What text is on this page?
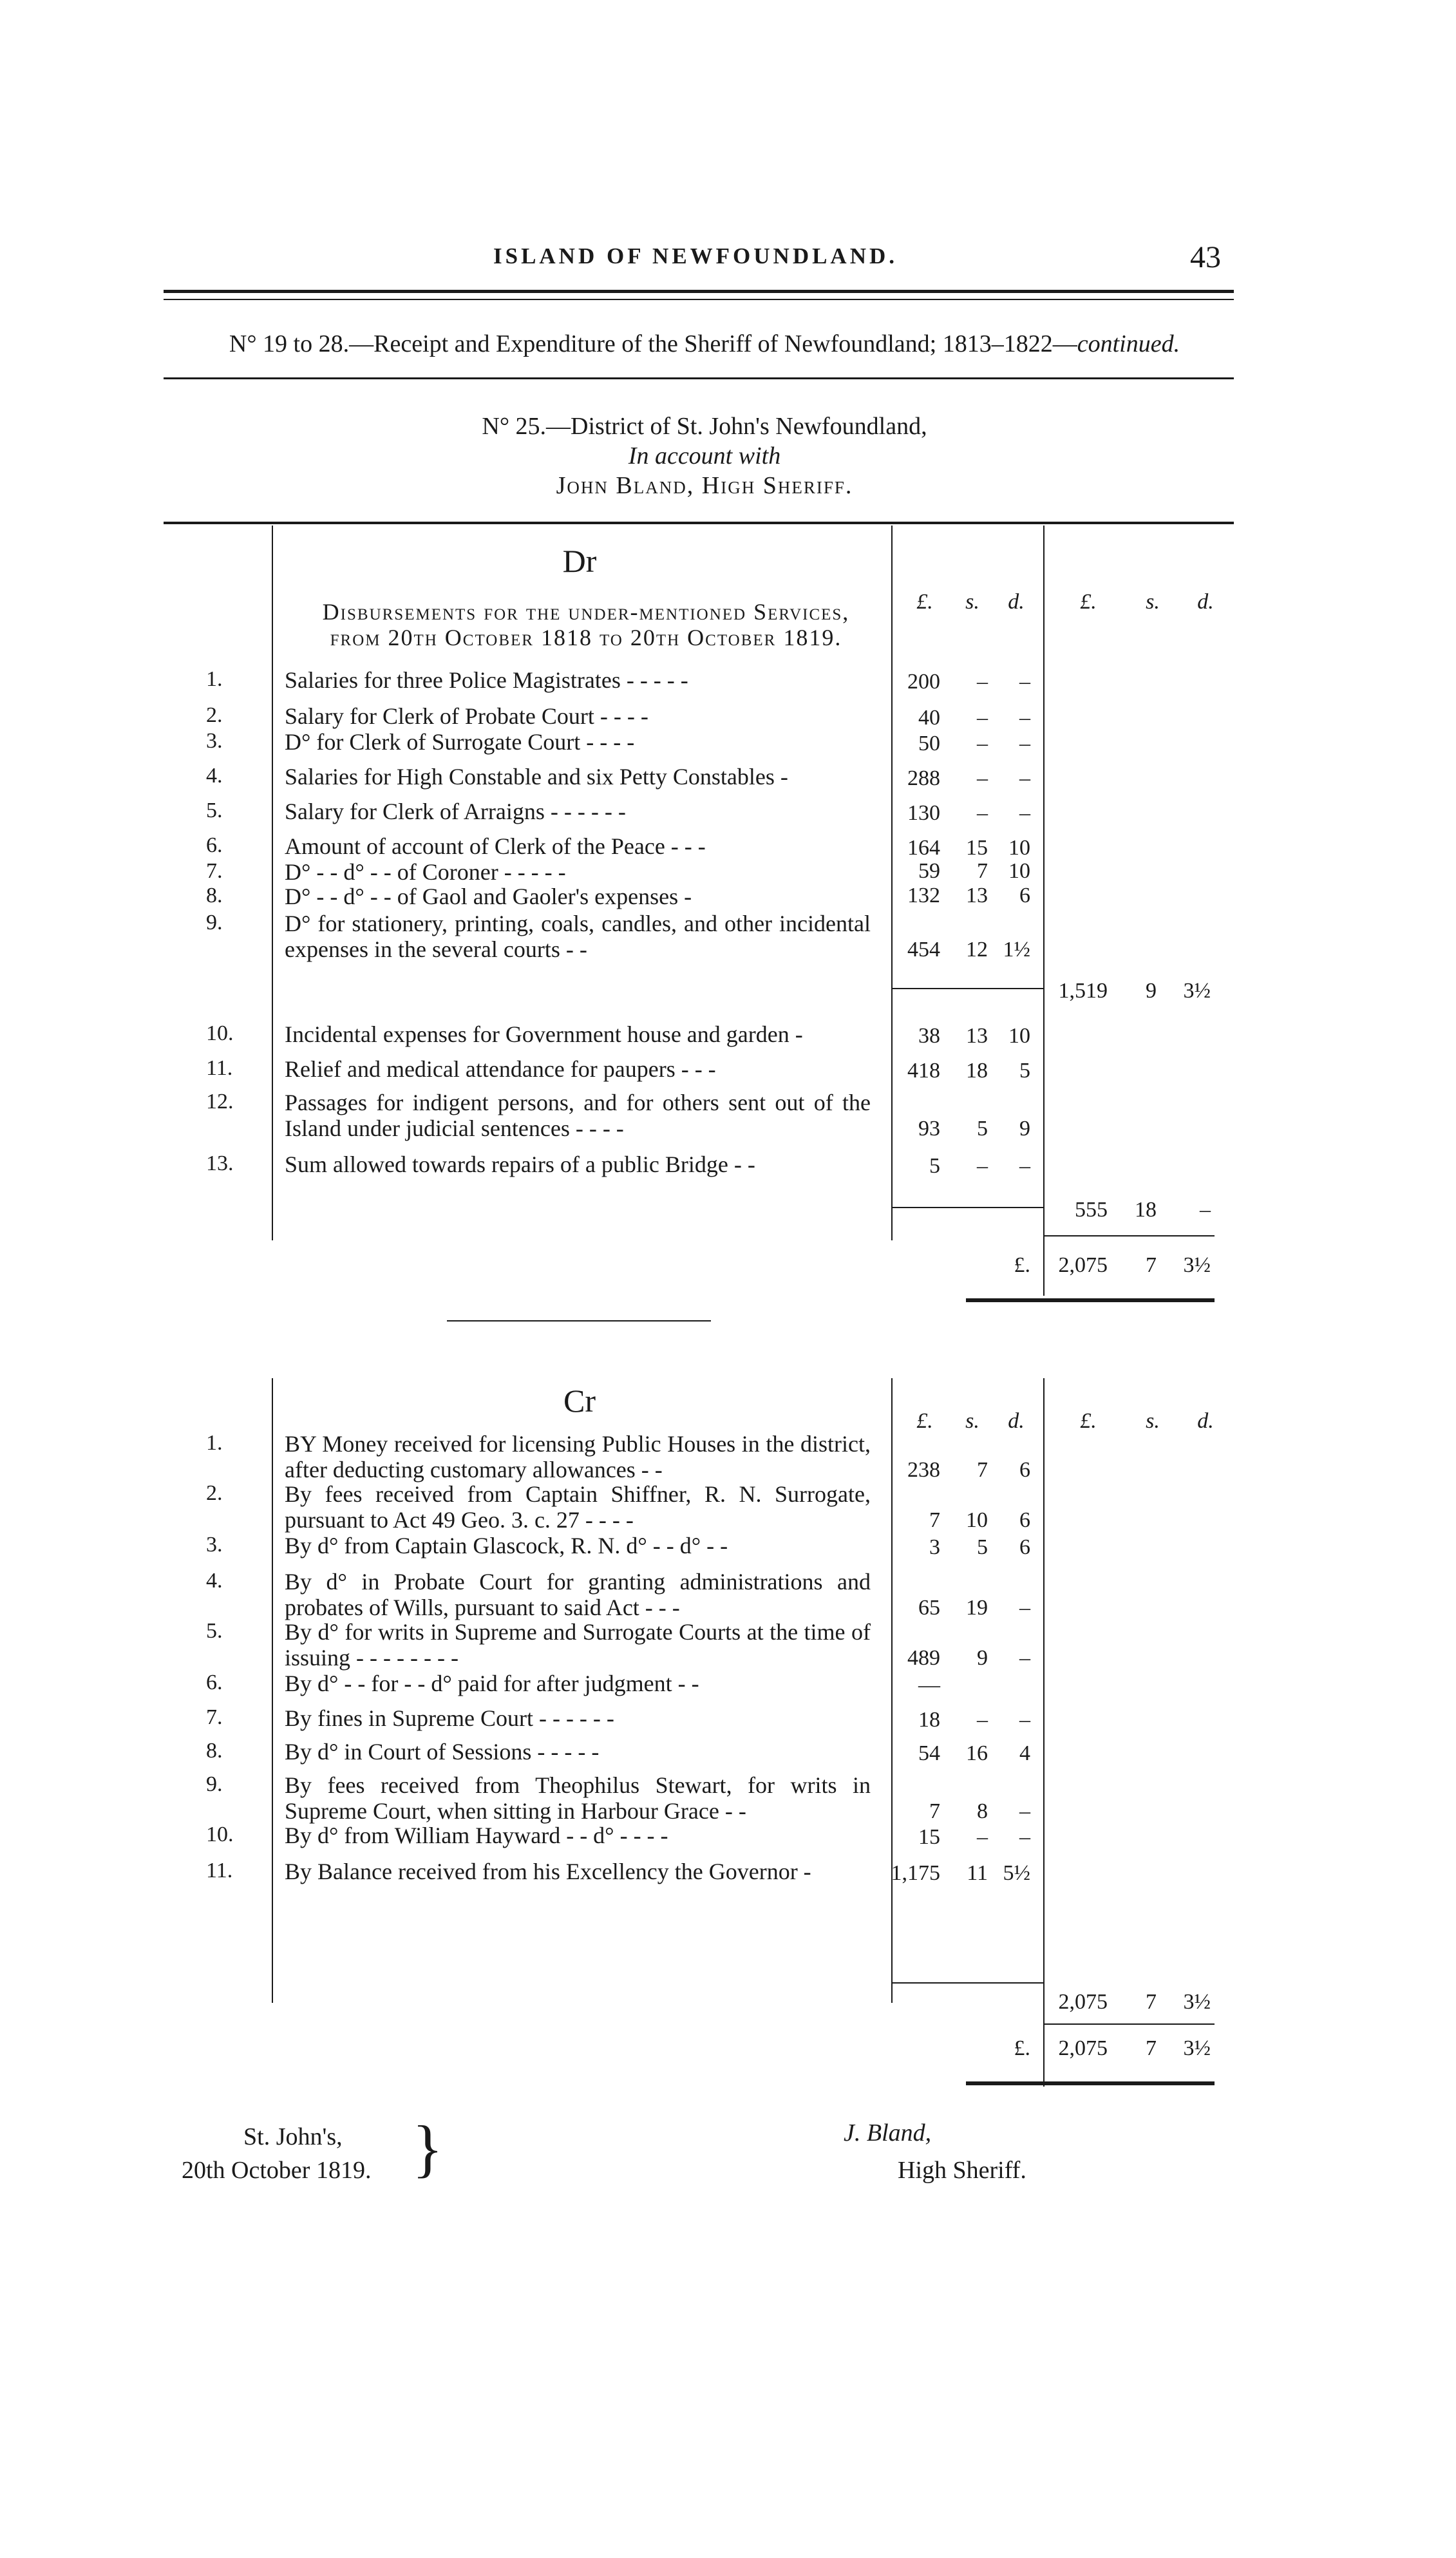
ISLAND OF NEWFOUNDLAND.	43
N° 19 to 28.—Receipt and Expenditure of the Sheriff of Newfoundland; 1813–1822—continued.
N° 25.—District of St. John's Newfoundland,
In account with
John Bland, High Sheriff.
Dr
Disbursements for the under-mentioned Services, from 20th October 1818 to 20th October 1819.
£. s. d.	£. s. d.
1.	Salaries for three Police Magistrates - - - - -	200 – –
2.	Salary for Clerk of Probate Court - - - -	40 – –
3.	D° for Clerk of Surrogate Court - - - -	50 – –
4.	Salaries for High Constable and six Petty Constables -	288 – –
5.	Salary for Clerk of Arraigns - - - - - -	130 – –
6.	Amount of account of Clerk of the Peace - - -	164 15 10
7.	D° - - d° - - of Coroner - - - - -	59 7 10
8.	D° - - d° - - of Gaol and Gaoler's expenses -	132 13 6
9.	D° for stationery, printing, coals, candles, and other incidental expenses in the several courts - -	454 12 1½
10. Incidental expenses for Government house and garden -	38 13 10
11. Relief and medical attendance for paupers - - -	418 18 5
12. Passages for indigent persons, and for others sent out of the Island under judicial sentences - - - -	93 5 9
13. Sum allowed towards repairs of a public Bridge - -	5 – –
1,519 9 3½
555 18 –
£. 2,075 7 3½
Cr
£. s. d.	£. s. d.
1.	BY Money received for licensing Public Houses in the district, after deducting customary allowances - -	238 7 6
2.	By fees received from Captain Shiffner, R. N. Surrogate, pursuant to Act 49 Geo. 3. c. 27 - - - -	7 10 6
3.	By d° from Captain Glascock, R. N. d° - - d° - -	3 5 6
4.	By d° in Probate Court for granting administrations and probates of Wills, pursuant to said Act - - -	65 19 –
5.	By d° for writs in Supreme and Surrogate Courts at the time of issuing - - - - - - - -	489 9 –
6.	By d° - - for - - d° paid for after judgment - -	—
7.	By fines in Supreme Court - - - - - -	18 – –
8.	By d° in Court of Sessions - - - - -	54 16 4
9.	By fees received from Theophilus Stewart, for writs in Supreme Court, when sitting in Harbour Grace - -	7 8 –
10. By d° from William Hayward - - d° - - - -	15 – –
11. By Balance received from his Excellency the Governor -	1,175 11 5½
2,075 7 3½
£. 2,075 7 3½
St. John's,
20th October 1819. }	J. Bland,
High Sheriff.
